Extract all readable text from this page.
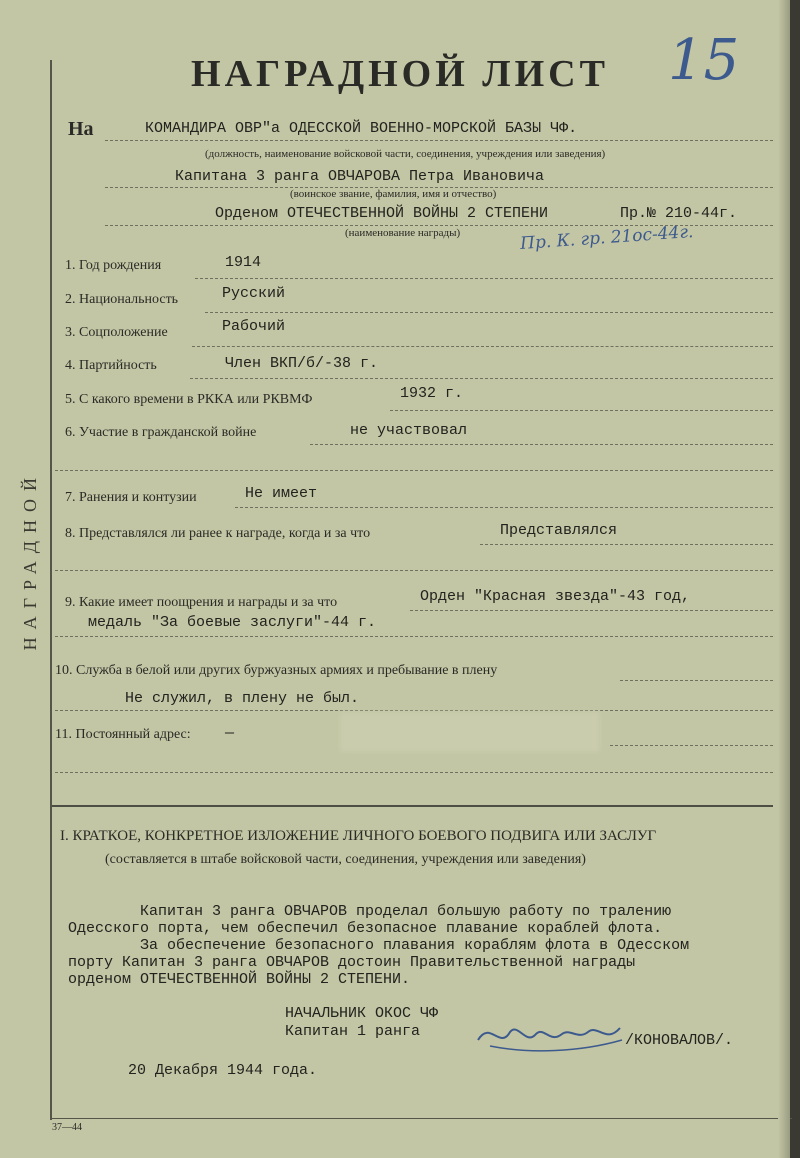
НАГРАДНОЙ
НАГРАДНОЙ ЛИСТ	15
На	КОМАНДИРА ОВР"а ОДЕССКОЙ ВОЕННО-МОРСКОЙ БАЗЫ ЧФ.
(должность, наименование войсковой части, соединения, учреждения или заведения)
Капитана 3 ранга ОВЧАРОВА Петра Ивановича
(воинское звание, фамилия, имя и отчество)
Орденом ОТЕЧЕСТВЕННОЙ ВОЙНЫ 2 СТЕПЕНИ	Пр.№ 210-44г.
(наименование награды)	Пр. К. гр. 21ос-44г.
1. Год рождения	1914
2. Национальность	Русский
3. Соцположение	Рабочий
4. Партийность	Член ВКП/б/-38 г.
5. С какого времени в РККА или РКВМФ	1932 г.
6. Участие в гражданской войне	не участвовал
7. Ранения и контузии	Не имеет
8. Представлялся ли ранее к награде, когда и за что	Представлялся
9. Какие имеет поощрения и награды и за что	Орден "Красная звезда"-43 год,
медаль "За боевые заслуги"-44 г.
10. Служба в белой или других буржуазных армиях и пребывание в плену
Не служил, в плену не был.
11. Постоянный адрес: —
I. КРАТКОЕ, КОНКРЕТНОЕ ИЗЛОЖЕНИЕ ЛИЧНОГО БОЕВОГО ПОДВИГА ИЛИ ЗАСЛУГ
(составляется в штабе войсковой части, соединения, учреждения или заведения)
Капитан 3 ранга ОВЧАРОВ проделал большую работу по тралению
Одесского порта, чем обеспечил безопасное плавание кораблей флота.
За обеспечение безопасного плавания кораблям флота в Одесском
порту Капитан 3 ранга ОВЧАРОВ достоин Правительственной награды
орденом ОТЕЧЕСТВЕННОЙ ВОЙНЫ 2 СТЕПЕНИ.
НАЧАЛЬНИК ОКОС ЧФ
Капитан 1 ранга
/КОНОВАЛОВ/.
20 Декабря 1944 года.
37—44
